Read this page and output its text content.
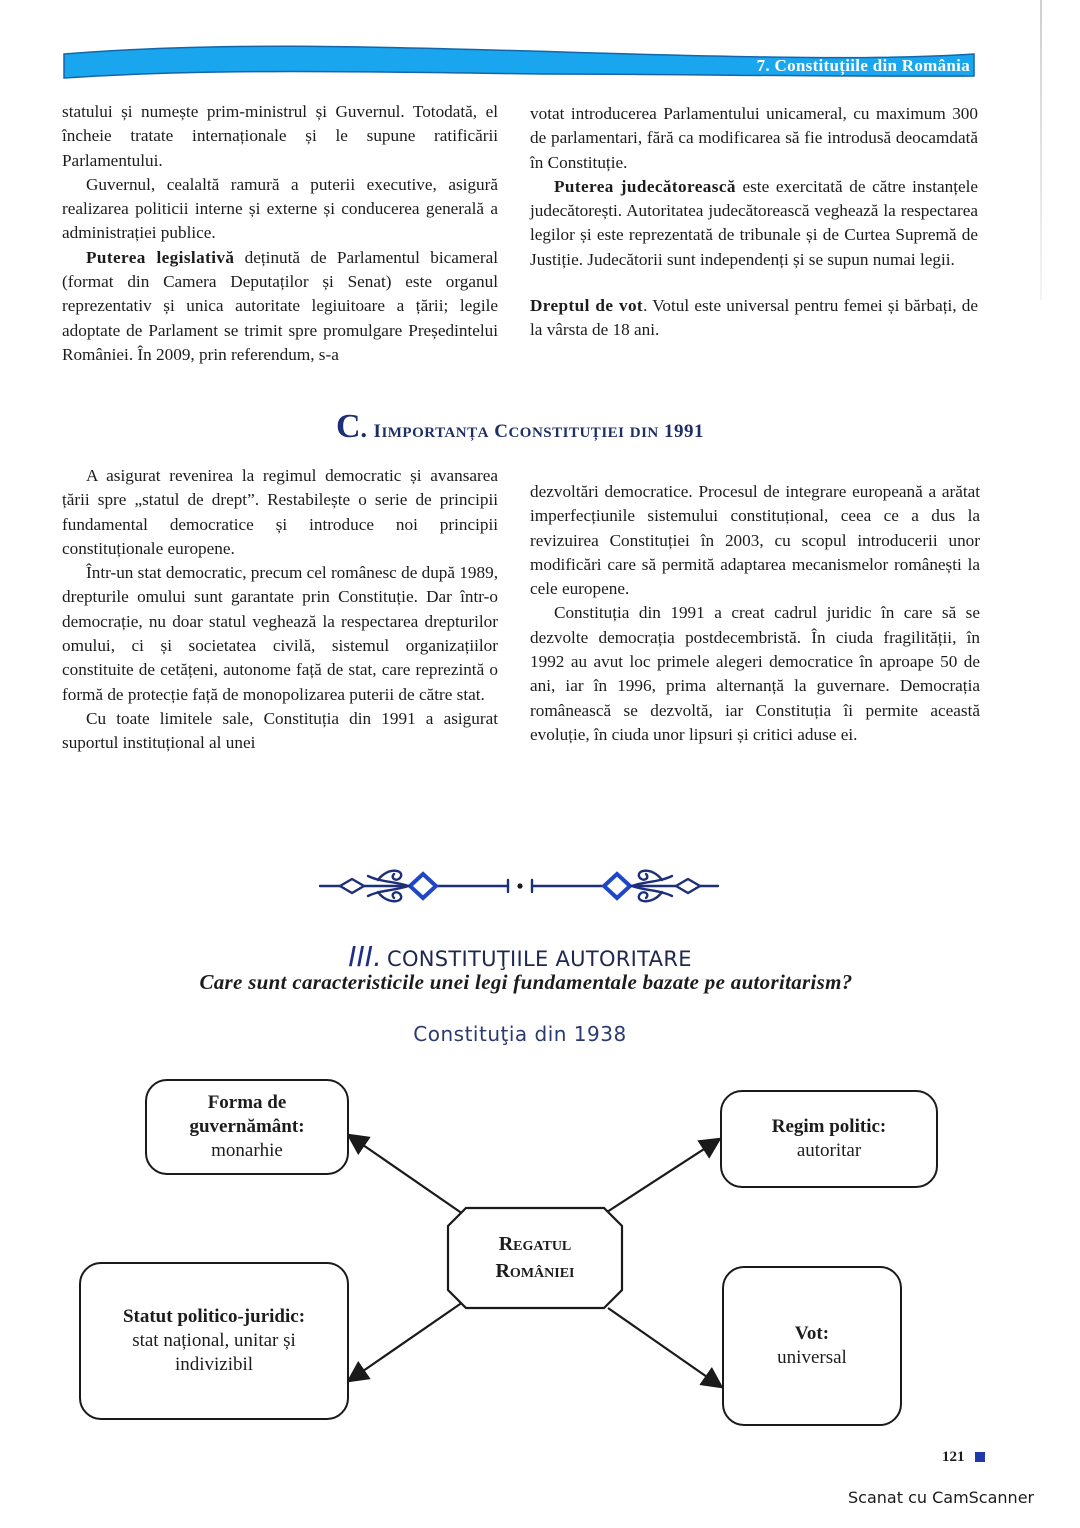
7. Constituțiile din România

statului și numește prim-ministrul și Guvernul. Totodată, el încheie tratate internaționale și le supune ratificării Parlamentului.

Guvernul, cealaltă ramură a puterii executive, asigură realizarea politicii interne și externe și conducerea generală a administrației publice.

Puterea legislativă deținută de Parlamentul bicameral (format din Camera Deputaților și Senat) este organul reprezentativ și unica autoritate legiuitoare a țării; legile adoptate de Parlament se trimit spre promulgare Președintelui României. În 2009, prin referendum, s-a

votat introducerea Parlamentului unicameral, cu maximum 300 de parlamentari, fără ca modificarea să fie introdusă deocamdată în Constituție.

Puterea judecătorească este exercitată de către instanțele judecătorești. Autoritatea judecătorească veghează la respectarea legilor și este reprezentată de tribunale și de Curtea Supremă de Justiție. Judecătorii sunt independenți și se supun numai legii.

Dreptul de vot. Votul este universal pentru femei și bărbați, de la vârsta de 18 ani.

C. IIMPORTANȚA CCONSTITUȚIEI DIN 1991

A asigurat revenirea la regimul democratic și avansarea țării spre „statul de drept”. Restabilește o serie de principii fundamental democratice și introduce noi principii constituționale europene.

Într-un stat democratic, precum cel românesc de după 1989, drepturile omului sunt garantate prin Constituție. Dar într-o democrație, nu doar statul veghează la respectarea drepturilor omului, ci și societatea civilă, sistemul organizațiilor constituite de cetățeni, autonome față de stat, care reprezintă o formă de protecție față de monopolizarea puterii de către stat.

Cu toate limitele sale, Constituția din 1991 a asigurat suportul instituțional al unei

dezvoltări democratice. Procesul de integrare europeană a arătat imperfecțiunile sistemului constituțional, ceea ce a dus la revizuirea Constituției în 2003, cu scopul introducerii unor modificări care să permită adaptarea mecanismelor românești la cele europene.

Constituția din 1991 a creat cadrul juridic în care să se dezvolte democrația postdecembristă. În ciuda fragilității, în 1992 au avut loc primele alegeri democratice în aproape 50 de ani, iar în 1996, prima alternanță la guvernare. Democrația românească se dezvoltă, iar Constituția îi permite această evoluție, în ciuda unor lipsuri și critici aduse ei.

III. CONSTITUŢIILE AUTORITARE
Care sunt caracteristicile unei legi fundamentale bazate pe autoritarism?
Constituţia din 1938
Forma de
guvernământ:
monarhie
Regim politic:
autoritar
Regatul
României
Statut politico-juridic:
stat național, unitar și
indivizibil
Vot:
universal
121
Scanat cu CamScanner
